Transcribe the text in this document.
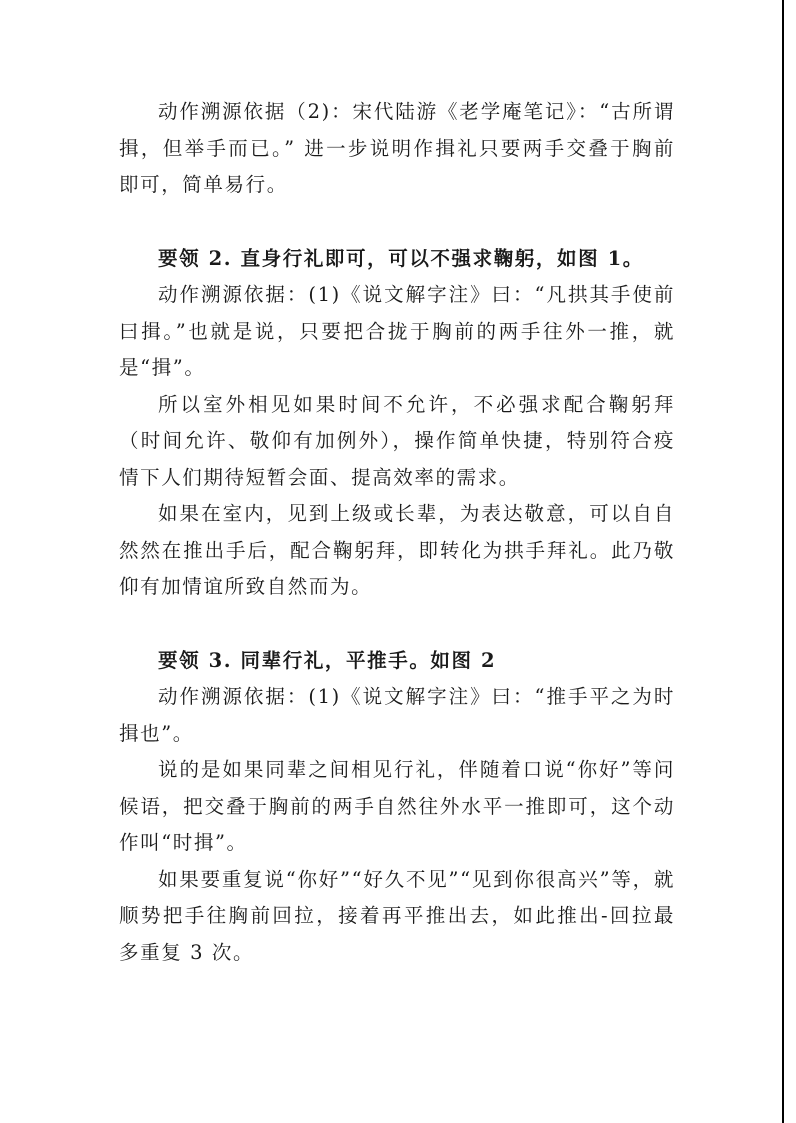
动作溯源依据（2)：宋代陆游《老学庵笔记》：“古所谓揖，但举手而已。” 进一步说明作揖礼只要两手交叠于胸前即可，简单易行。

要领 2. 直身行礼即可，可以不强求鞠躬，如图 1。

动作溯源依据：(1)《说文解字注》曰：“凡拱其手使前曰揖。”也就是说，只要把合拢于胸前的两手往外一推，就是“揖”。

所以室外相见如果时间不允许，不必强求配合鞠躬拜（时间允许、敬仰有加例外），操作简单快捷，特别符合疫情下人们期待短暂会面、提高效率的需求。

如果在室内，见到上级或长辈，为表达敬意，可以自自然然在推出手后，配合鞠躬拜，即转化为拱手拜礼。此乃敬仰有加情谊所致自然而为。

要领 3. 同辈行礼，平推手。如图 2

动作溯源依据：(1)《说文解字注》曰：“推手平之为时揖也”。

说的是如果同辈之间相见行礼，伴随着口说“你好”等问候语，把交叠于胸前的两手自然往外水平一推即可，这个动作叫“时揖”。

如果要重复说“你好”“好久不见”“见到你很高兴”等，就顺势把手往胸前回拉，接着再平推出去，如此推出-回拉最多重复 3 次。
